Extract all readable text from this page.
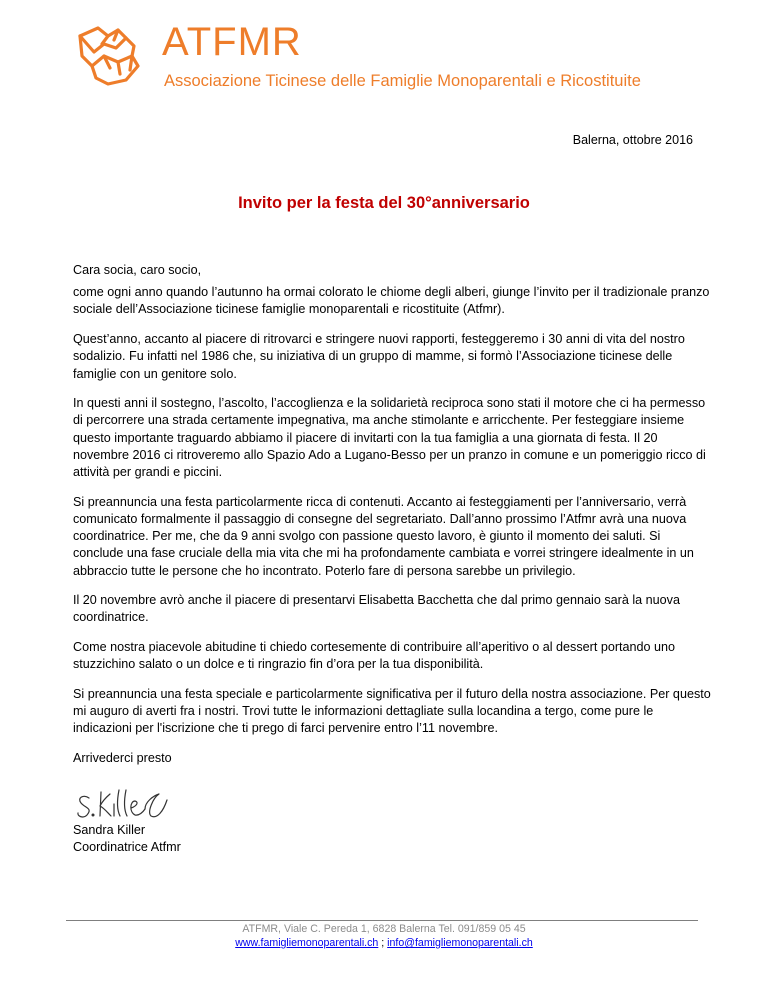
ATFMR
Associazione Ticinese delle Famiglie Monoparentali e Ricostituite
Balerna, ottobre 2016
Invito per la festa del 30°anniversario

Cara socia, caro socio,

come ogni anno quando l’autunno ha ormai colorato le chiome degli alberi, giunge l’invito per il tradizionale pranzo sociale dell’Associazione ticinese famiglie monoparentali e ricostituite (Atfmr).

Quest’anno, accanto al piacere di ritrovarci e stringere nuovi rapporti, festeggeremo i 30 anni di vita del nostro sodalizio. Fu infatti nel 1986 che, su iniziativa di un gruppo di mamme, si formò l’Associazione ticinese delle famiglie con un genitore solo.

In questi anni il sostegno, l’ascolto, l’accoglienza e la solidarietà reciproca sono stati il motore che ci ha permesso di percorrere una strada certamente impegnativa, ma anche stimolante e arricchente. Per festeggiare insieme questo importante traguardo abbiamo il piacere di invitarti con la tua famiglia a una giornata di festa. Il 20 novembre 2016 ci ritroveremo allo Spazio Ado a Lugano-Besso per un pranzo in comune e un pomeriggio ricco di attività per grandi e piccini.

Si preannuncia una festa particolarmente ricca di contenuti. Accanto ai festeggiamenti per l’anniversario, verrà comunicato formalmente il passaggio di consegne del segretariato. Dall’anno prossimo l’Atfmr avrà una nuova coordinatrice. Per me, che da 9 anni svolgo con passione questo lavoro, è giunto il momento dei saluti. Si conclude una fase cruciale della mia vita che mi ha profondamente cambiata e vorrei stringere idealmente in un abbraccio tutte le persone che ho incontrato. Poterlo fare di persona sarebbe un privilegio.

Il 20 novembre avrò anche il piacere di presentarvi Elisabetta Bacchetta che dal primo gennaio sarà la nuova coordinatrice.

Come nostra piacevole abitudine ti chiedo cortesemente di contribuire all’aperitivo o al dessert portando uno stuzzichino salato o un dolce e ti ringrazio fin d’ora per la tua disponibilità.

Si preannuncia una festa speciale e particolarmente significativa per il futuro della nostra associazione. Per questo mi auguro di averti fra i nostri. Trovi tutte le informazioni dettagliate sulla locandina a tergo, come pure le indicazioni per l'iscrizione che ti prego di farci pervenire entro l’11 novembre.

Arrivederci presto

Sandra Killer
Coordinatrice Atfmr
ATFMR, Viale C. Pereda 1, 6828 Balerna Tel. 091/859 05 45
www.famigliemonoparentali.ch ; info@famigliemonoparentali.ch
